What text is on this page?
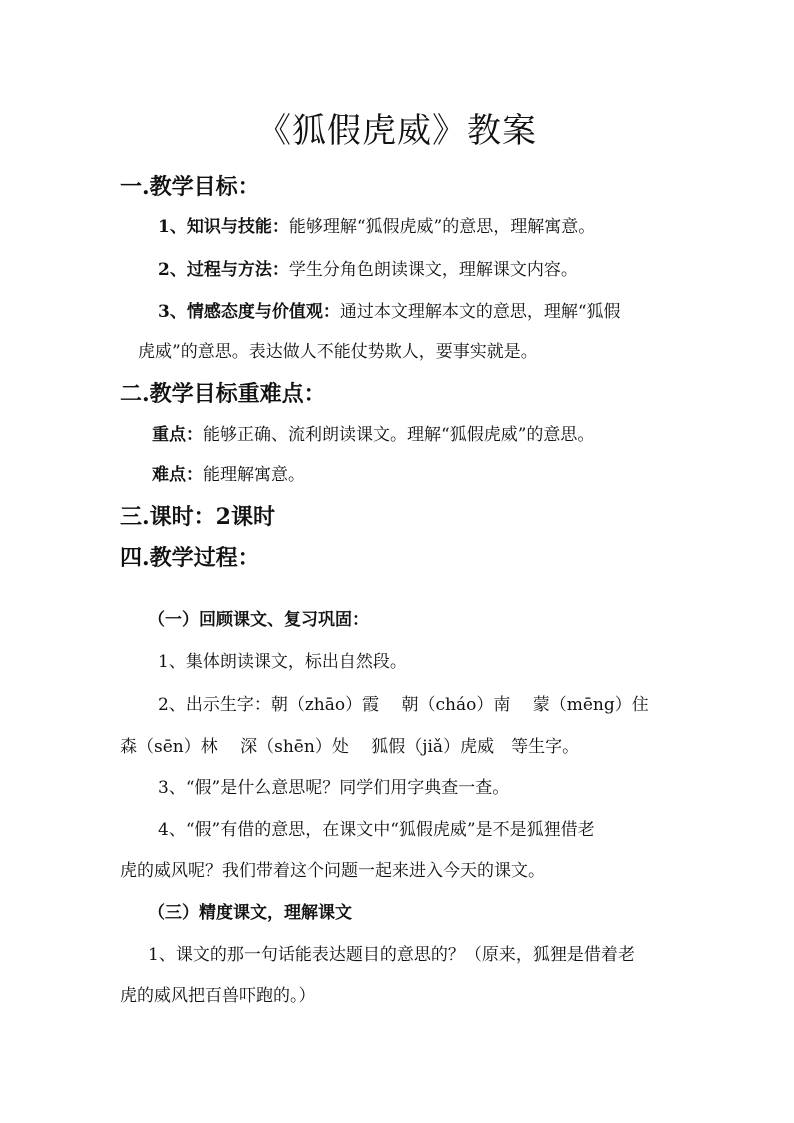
《狐假虎威》教案
一.教学目标：
1、知识与技能：能够理解“狐假虎威”的意思，理解寓意。
2、过程与方法：学生分角色朗读课文，理解课文内容。
3、情感态度与价值观：通过本文理解本文的意思，理解“狐假
虎威”的意思。表达做人不能仗势欺人，要事实就是。
二.教学目标重难点：
重点：能够正确、流利朗读课文。理解“狐假虎威”的意思。
难点：能理解寓意。
三.课时：2课时
四.教学过程：
（一）回顾课文、复习巩固：
1、集体朗读课文，标出自然段。
2、出示生字：朝（zhāo）霞　 朝（cháo）南　 蒙（mēng）住
森（sēn）林　 深（shēn）处　 狐假（jiǎ）虎威　等生字。
3、“假”是什么意思呢？同学们用字典查一查。
4、“假”有借的意思，在课文中“狐假虎威”是不是狐狸借老
虎的威风呢？我们带着这个问题一起来进入今天的课文。
（三）精度课文，理解课文
1、课文的那一句话能表达题目的意思的？（原来，狐狸是借着老
虎的威风把百兽吓跑的。）
